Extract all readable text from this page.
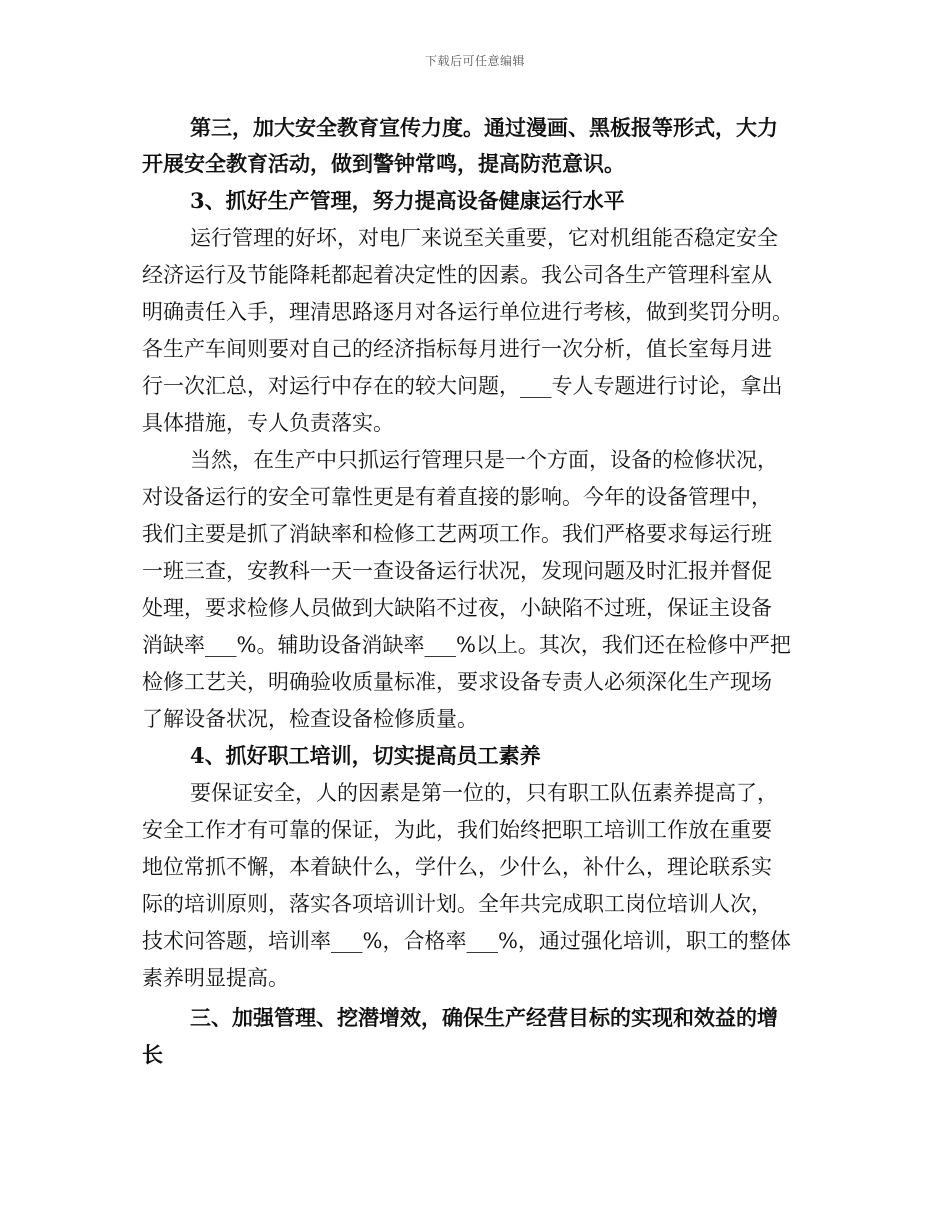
下载后可任意编辑
第三，加大安全教育宣传力度。通过漫画、黑板报等形式，大力
开展安全教育活动，做到警钟常鸣，提高防范意识。
3、抓好生产管理，努力提高设备健康运行水平
运行管理的好坏，对电厂来说至关重要，它对机组能否稳定安全
经济运行及节能降耗都起着决定性的因素。我公司各生产管理科室从
明确责任入手，理清思路逐月对各运行单位进行考核，做到奖罚分明。
各生产车间则要对自己的经济指标每月进行一次分析，值长室每月进
行一次汇总，对运行中存在的较大问题，___专人专题进行讨论，拿出
具体措施，专人负责落实。
当然，在生产中只抓运行管理只是一个方面，设备的检修状况，
对设备运行的安全可靠性更是有着直接的影响。今年的设备管理中，
我们主要是抓了消缺率和检修工艺两项工作。我们严格要求每运行班
一班三查，安教科一天一查设备运行状况，发现问题及时汇报并督促
处理，要求检修人员做到大缺陷不过夜，小缺陷不过班，保证主设备
消缺率___%。辅助设备消缺率___%以上。其次，我们还在检修中严把
检修工艺关，明确验收质量标准，要求设备专责人必须深化生产现场
了解设备状况，检查设备检修质量。
4、抓好职工培训，切实提高员工素养
要保证安全，人的因素是第一位的，只有职工队伍素养提高了，
安全工作才有可靠的保证，为此，我们始终把职工培训工作放在重要
地位常抓不懈，本着缺什么，学什么，少什么，补什么，理论联系实
际的培训原则，落实各项培训计划。全年共完成职工岗位培训人次，
技术问答题，培训率___%，合格率___%，通过强化培训，职工的整体
素养明显提高。
三、加强管理、挖潜增效，确保生产经营目标的实现和效益的增
长
